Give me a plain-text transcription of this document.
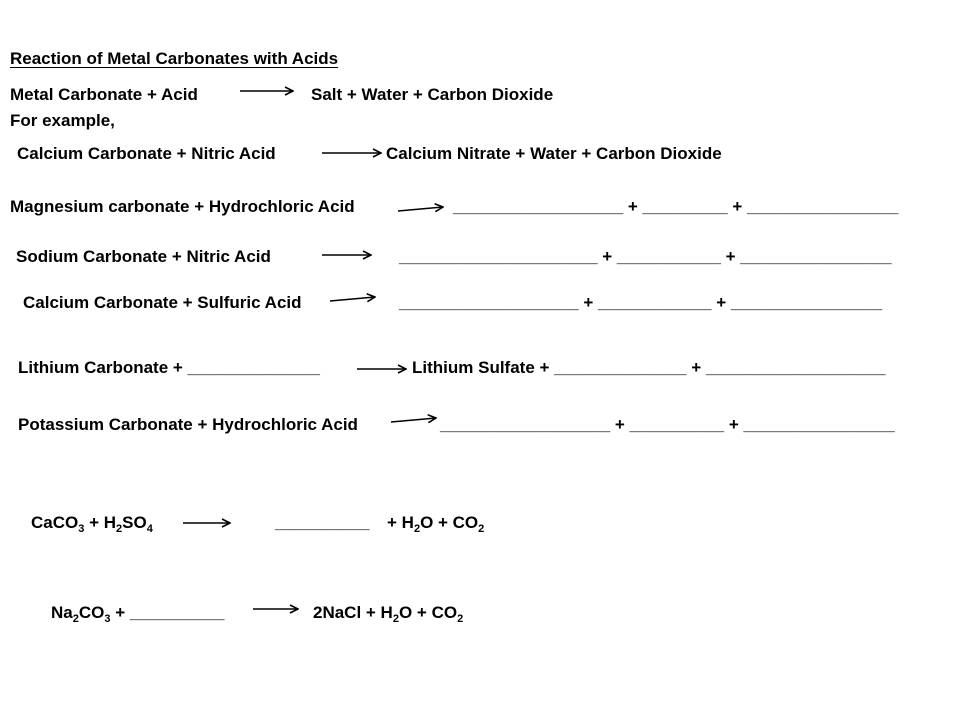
Reaction of Metal Carbonates with Acids
Metal Carbonate + Acid	Salt + Water + Carbon Dioxide
For example,
Calcium Carbonate + Nitric Acid	Calcium Nitrate + Water + Carbon Dioxide
Magnesium carbonate + Hydrochloric Acid	__________________ + _________ + ________________
Sodium Carbonate + Nitric Acid	_____________________ + ___________ + ________________
Calcium Carbonate + Sulfuric Acid	___________________ + ____________ + ________________
Lithium Carbonate + ______________	Lithium Sulfate + ______________ + ___________________
Potassium Carbonate + Hydrochloric Acid	__________________ + __________ + ________________
CaCO$_3$ + $H_2SO_4$	__________ + $H_2O + CO_2$
$Na_2CO_3$ + __________	2NaCl + $H_2O + CO_2$
